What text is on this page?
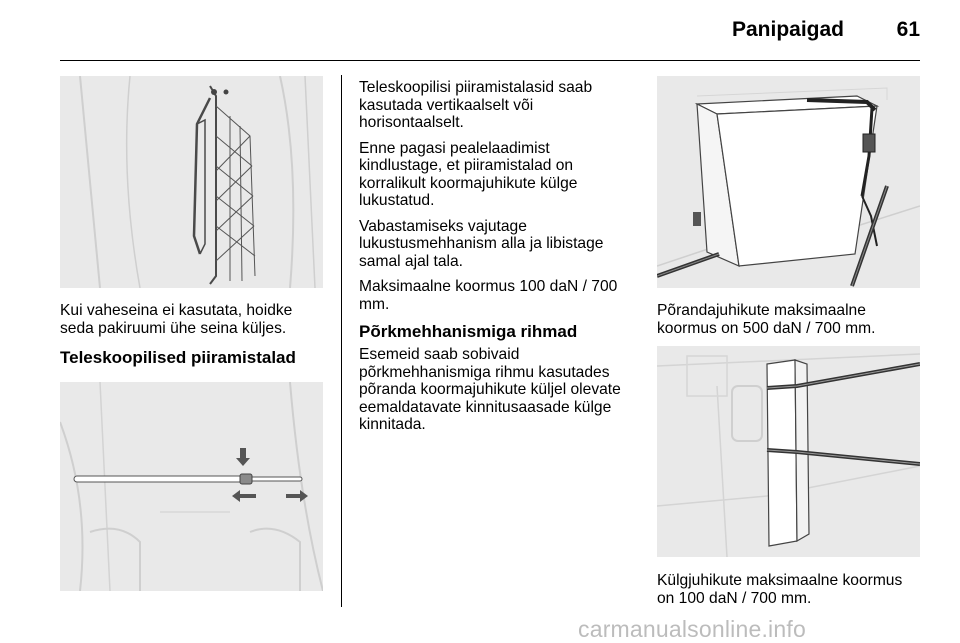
Panipaigad	61
Kui vaheseina ei kasutata, hoidke seda pakiruumi ühe seina küljes.
Teleskoopilised piiramistalad

Teleskoopilisi piiramistalasid saab kasutada vertikaalselt või horisontaalselt.

Enne pagasi pealelaadimist kindlustage, et piiramistalad on korralikult koormajuhikute külge lukustatud.

Vabastamiseks vajutage lukustusmehhanism alla ja libistage samal ajal tala.

Maksimaalne koormus 100 daN / 700 mm.

Põrkmehhanismiga rihmad
Esemeid saab sobivaid põrkmehhanismiga rihmu kasutades põranda koormajuhikute küljel olevate eemaldatavate kinnitusaasade külge kinnitada.
Põrandajuhikute maksimaalne koormus on 500 daN / 700 mm.
Külgjuhikute maksimaalne koormus on 100 daN / 700 mm.
carmanualsonline.info
